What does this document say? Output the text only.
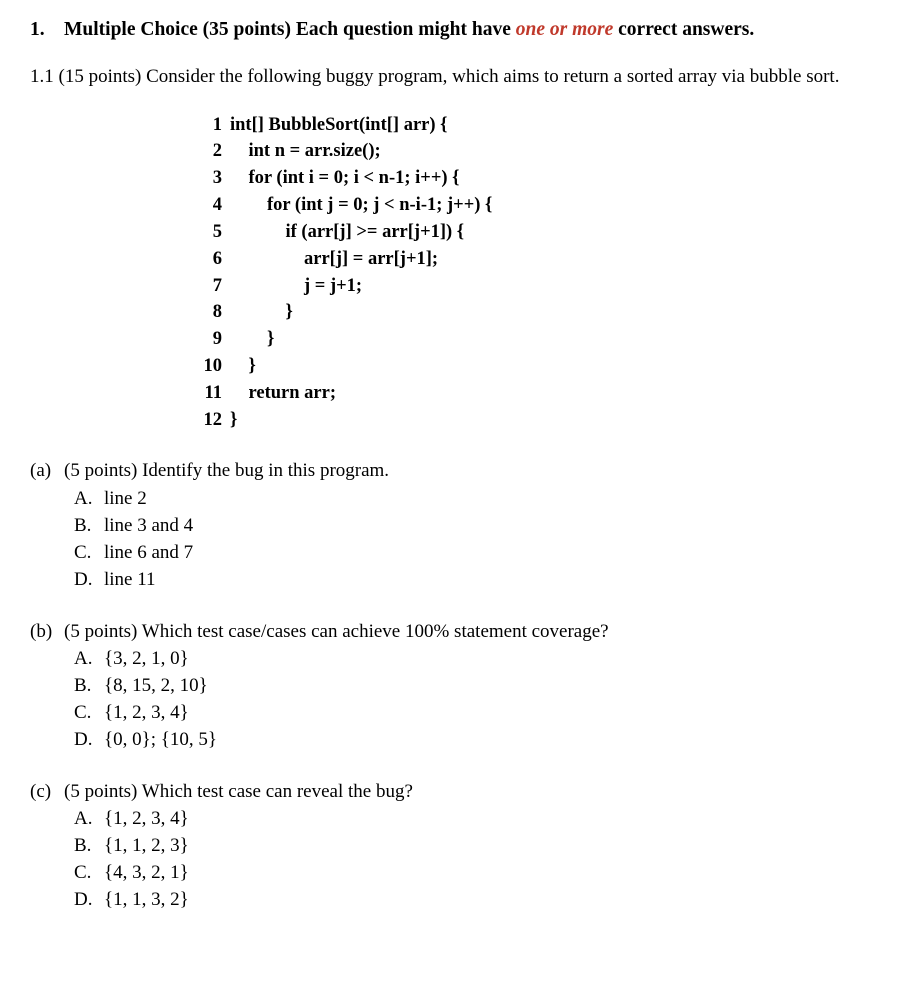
1. Multiple Choice (35 points) Each question might have one or more correct answers.
1.1 (15 points) Consider the following buggy program, which aims to return a sorted array via bubble sort.
1 int[] BubbleSort(int[] arr) {
2 int n = arr.size();
3 for (int i = 0; i < n-1; i++) {
4 for (int j = 0; j < n-i-1; j++) {
5 if (arr[j] >= arr[j+1]) {
6 arr[j] = arr[j+1];
7 j = j+1;
8 }
9 }
10 }
11 return arr;
12 }
(a) (5 points) Identify the bug in this program.
A. line 2
B. line 3 and 4
C. line 6 and 7
D. line 11
(b) (5 points) Which test case/cases can achieve 100% statement coverage?
A. {3, 2, 1, 0}
B. {8, 15, 2, 10}
C. {1, 2, 3, 4}
D. {0, 0}; {10, 5}
(c) (5 points) Which test case can reveal the bug?
A. {1, 2, 3, 4}
B. {1, 1, 2, 3}
C. {4, 3, 2, 1}
D. {1, 1, 3, 2}
